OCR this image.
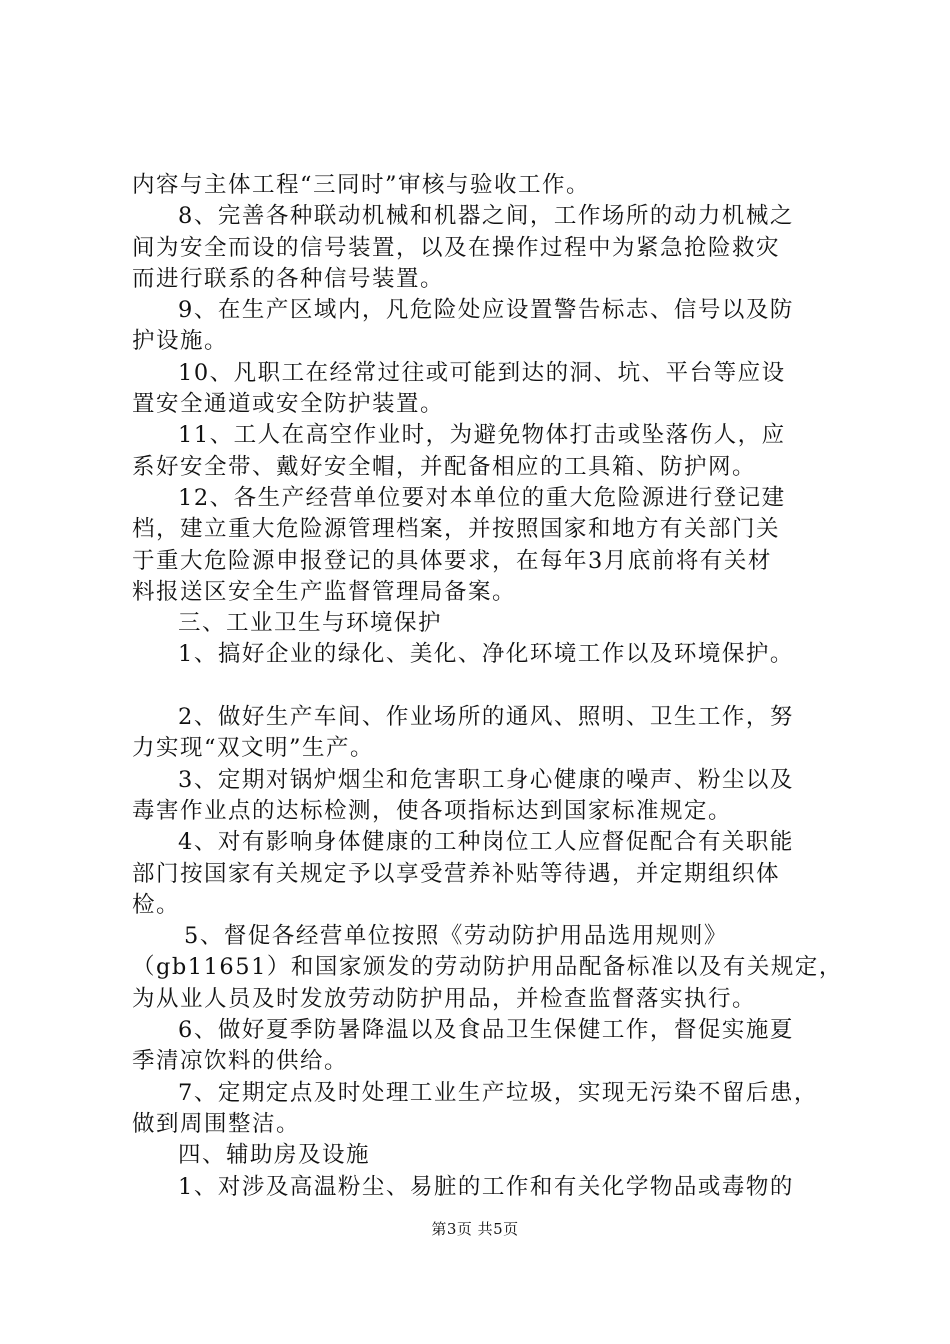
内容与主体工程“三同时”审核与验收工作。
8、完善各种联动机械和机器之间，工作场所的动力机械之
间为安全而设的信号装置，以及在操作过程中为紧急抢险救灾
而进行联系的各种信号装置。
9、在生产区域内，凡危险处应设置警告标志、信号以及防
护设施。
10、凡职工在经常过往或可能到达的洞、坑、平台等应设
置安全通道或安全防护装置。
11、工人在高空作业时，为避免物体打击或坠落伤人，应
系好安全带、戴好安全帽，并配备相应的工具箱、防护网。
12、各生产经营单位要对本单位的重大危险源进行登记建
档，建立重大危险源管理档案，并按照国家和地方有关部门关
于重大危险源申报登记的具体要求，在每年3月底前将有关材
料报送区安全生产监督管理局备案。
三、工业卫生与环境保护
1、搞好企业的绿化、美化、净化环境工作以及环境保护。
2、做好生产车间、作业场所的通风、照明、卫生工作，努
力实现“双文明”生产。
3、定期对锅炉烟尘和危害职工身心健康的噪声、粉尘以及
毒害作业点的达标检测，使各项指标达到国家标准规定。
4、对有影响身体健康的工种岗位工人应督促配合有关职能
部门按国家有关规定予以享受营养补贴等待遇，并定期组织体
检。
5、督促各经营单位按照《劳动防护用品选用规则》
（gb11651）和国家颁发的劳动防护用品配备标准以及有关规定，
为从业人员及时发放劳动防护用品，并检查监督落实执行。
6、做好夏季防暑降温以及食品卫生保健工作，督促实施夏
季清凉饮料的供给。
7、定期定点及时处理工业生产垃圾，实现无污染不留后患，
做到周围整洁。
四、辅助房及设施
1、对涉及高温粉尘、易脏的工作和有关化学物品或毒物的
第3页 共5页
